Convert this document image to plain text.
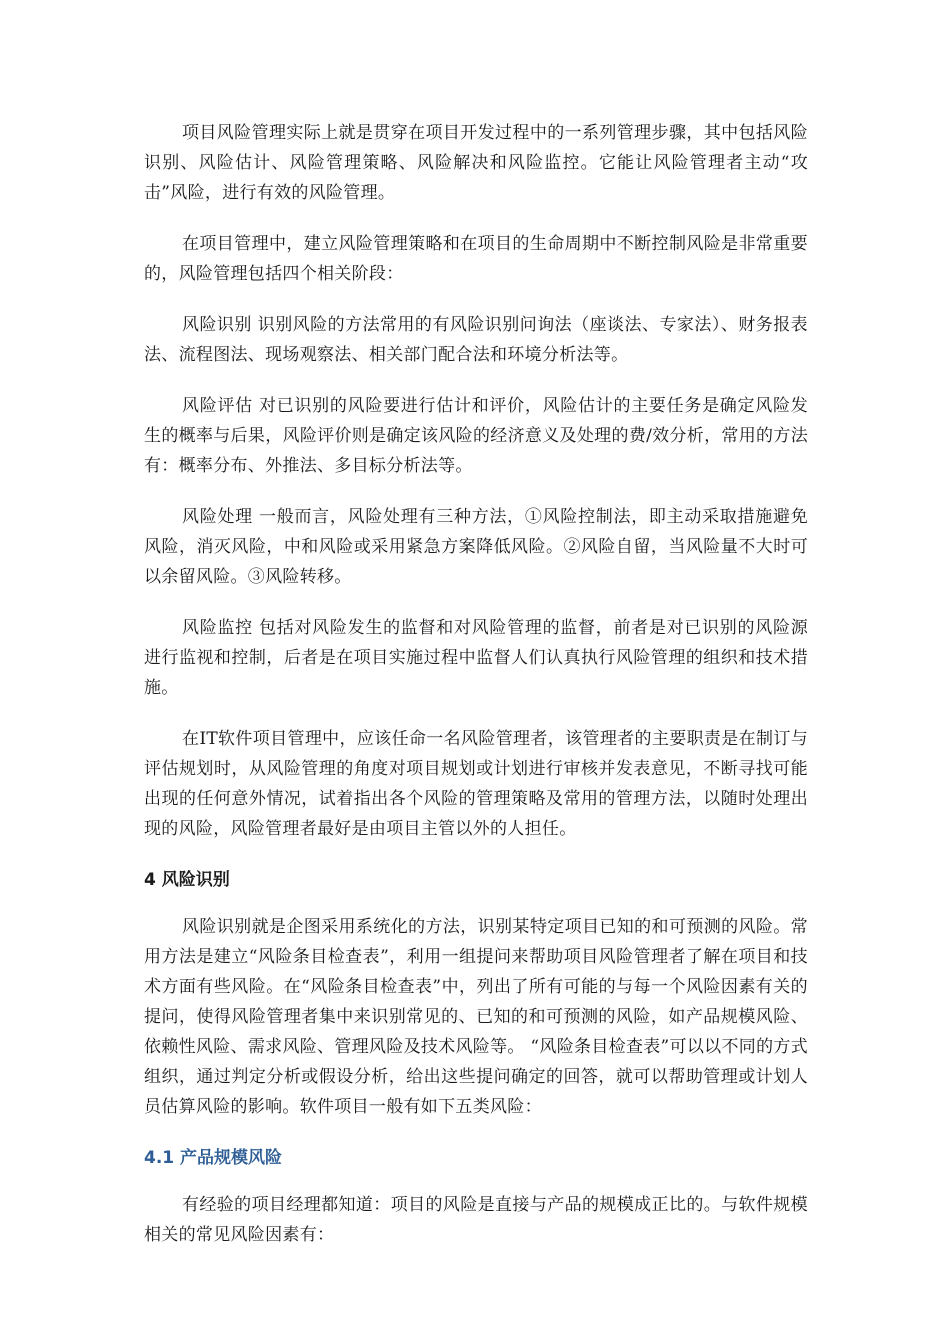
项目风险管理实际上就是贯穿在项目开发过程中的一系列管理步骤，其中包括风险识别、风险估计、风险管理策略、风险解决和风险监控。它能让风险管理者主动“攻击”风险，进行有效的风险管理。

在项目管理中，建立风险管理策略和在项目的生命周期中不断控制风险是非常重要的，风险管理包括四个相关阶段：

风险识别 识别风险的方法常用的有风险识别问询法（座谈法、专家法）、财务报表法、流程图法、现场观察法、相关部门配合法和环境分析法等。

风险评估 对已识别的风险要进行估计和评价，风险估计的主要任务是确定风险发生的概率与后果，风险评价则是确定该风险的经济意义及处理的费/效分析，常用的方法有：概率分布、外推法、多目标分析法等。

风险处理 一般而言，风险处理有三种方法，①风险控制法，即主动采取措施避免风险，消灭风险，中和风险或采用紧急方案降低风险。②风险自留，当风险量不大时可以余留风险。③风险转移。

风险监控 包括对风险发生的监督和对风险管理的监督，前者是对已识别的风险源进行监视和控制，后者是在项目实施过程中监督人们认真执行风险管理的组织和技术措施。

在IT软件项目管理中，应该任命一名风险管理者，该管理者的主要职责是在制订与评估规划时，从风险管理的角度对项目规划或计划进行审核并发表意见，不断寻找可能出现的任何意外情况，试着指出各个风险的管理策略及常用的管理方法，以随时处理出现的风险，风险管理者最好是由项目主管以外的人担任。

4 风险识别

风险识别就是企图采用系统化的方法，识别某特定项目已知的和可预测的风险。常用方法是建立“风险条目检查表”，利用一组提问来帮助项目风险管理者了解在项目和技术方面有些风险。在“风险条目检查表”中，列出了所有可能的与每一个风险因素有关的提问，使得风险管理者集中来识别常见的、已知的和可预测的风险，如产品规模风险、依赖性风险、需求风险、管理风险及技术风险等。 “风险条目检查表”可以以不同的方式组织，通过判定分析或假设分析，给出这些提问确定的回答，就可以帮助管理或计划人员估算风险的影响。软件项目一般有如下五类风险：

4.1 产品规模风险

有经验的项目经理都知道：项目的风险是直接与产品的规模成正比的。与软件规模相关的常见风险因素有：
